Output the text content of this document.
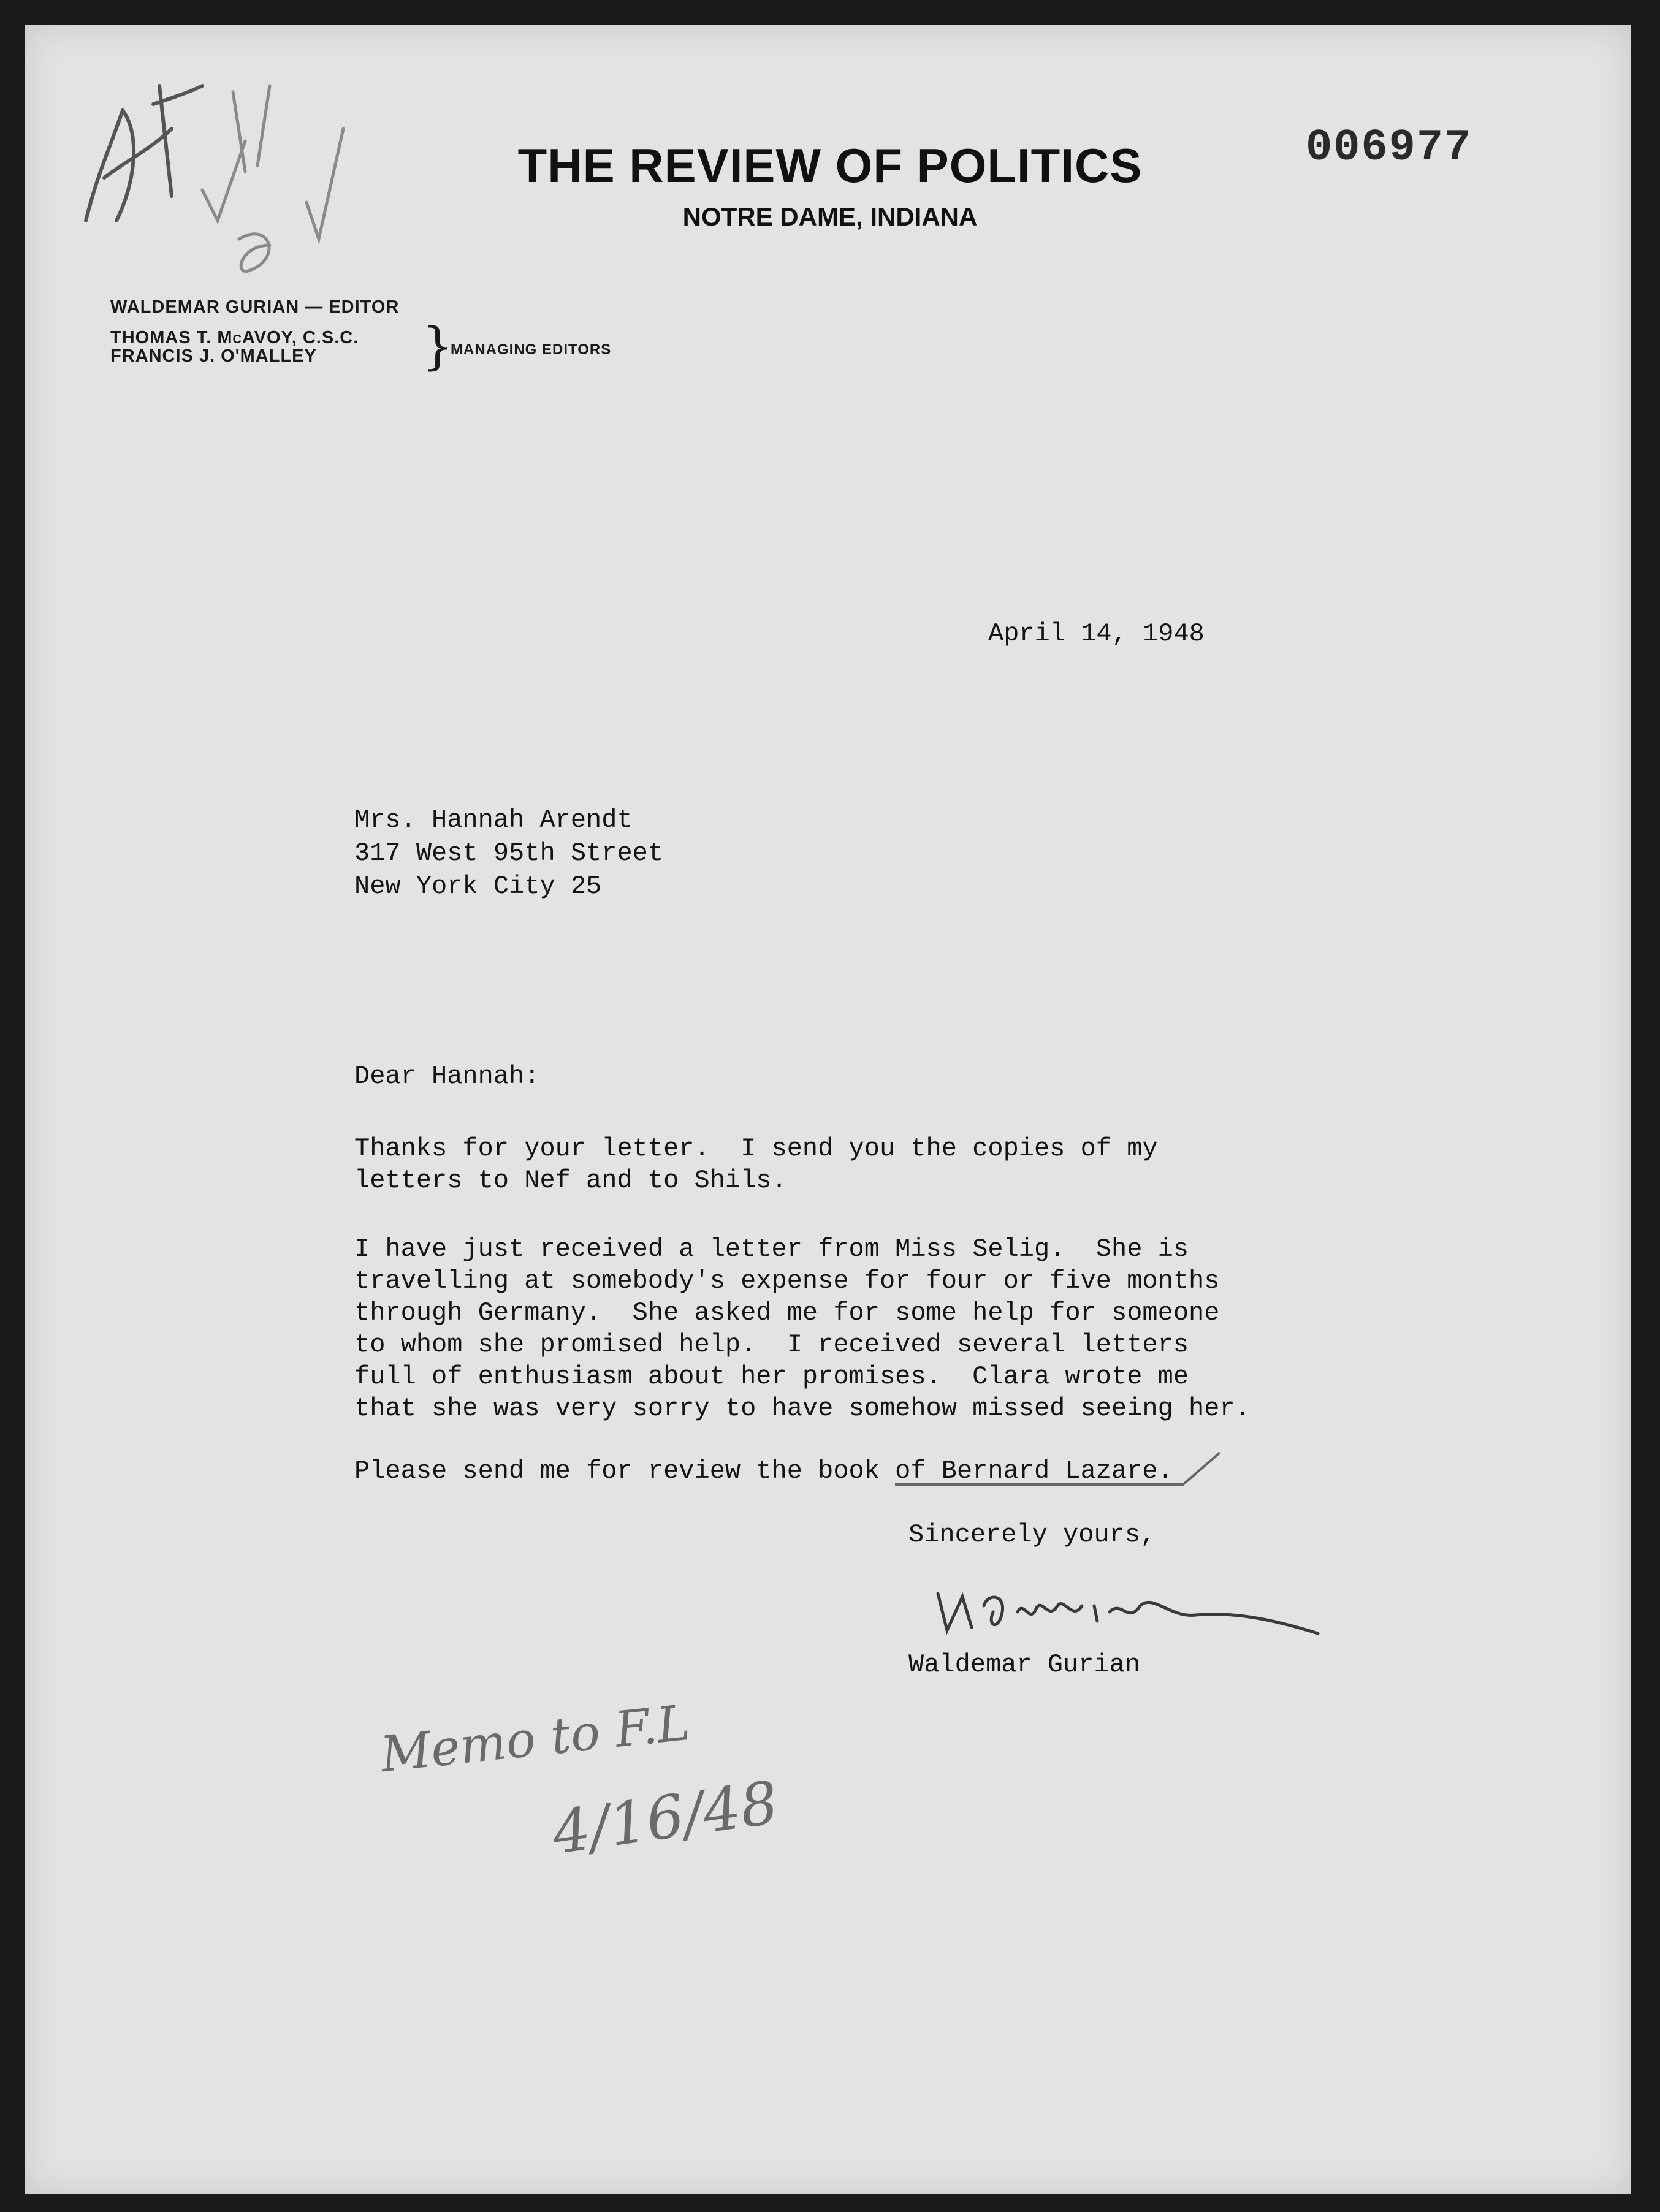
THE REVIEW OF POLITICS
NOTRE DAME, INDIANA
006977
WALDEMAR GURIAN — EDITOR
THOMAS T. McAVOY, C.S.C.
FRANCIS J. O'MALLEY }
MANAGING EDITORS
April 14, 1948
Mrs. Hannah Arendt
317 West 95th Street
New York City 25
Dear Hannah:
Thanks for your letter.  I send you the copies of my
letters to Nef and to Shils.
I have just received a letter from Miss Selig.  She is
travelling at somebody's expense for four or five months
through Germany.  She asked me for some help for someone
to whom she promised help.  I received several letters
full of enthusiasm about her promises.  Clara wrote me
that she was very sorry to have somehow missed seeing her.
Please send me for review the book of Bernard Lazare.
Sincerely yours,
Waldemar Gurian
Memo to F.L
4/16/48
